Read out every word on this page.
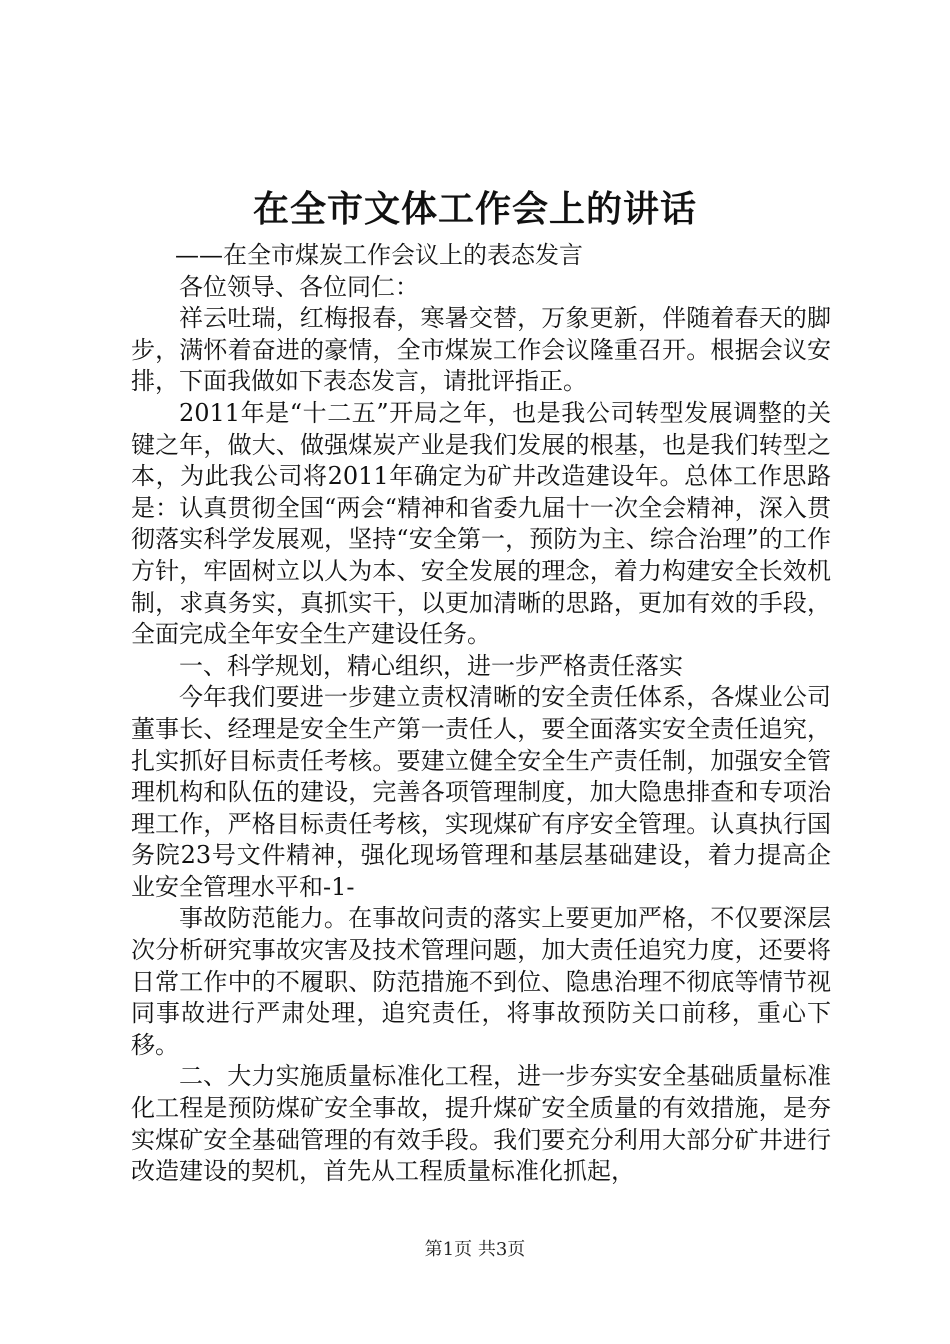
在全市文体工作会上的讲话

——在全市煤炭工作会议上的表态发言

各位领导、各位同仁：

祥云吐瑞，红梅报春，寒暑交替，万象更新，伴随着春天的脚步，满怀着奋进的豪情，全市煤炭工作会议隆重召开。根据会议安排，下面我做如下表态发言，请批评指正。

2011年是“十二五”开局之年，也是我公司转型发展调整的关键之年，做大、做强煤炭产业是我们发展的根基，也是我们转型之本，为此我公司将2011年确定为矿井改造建设年。总体工作思路是：认真贯彻全国“两会“精神和省委九届十一次全会精神，深入贯彻落实科学发展观，坚持“安全第一，预防为主、综合治理”的工作方针，牢固树立以人为本、安全发展的理念，着力构建安全长效机制，求真务实，真抓实干，以更加清晰的思路，更加有效的手段，全面完成全年安全生产建设任务。

一、科学规划，精心组织，进一步严格责任落实

今年我们要进一步建立责权清晰的安全责任体系，各煤业公司董事长、经理是安全生产第一责任人，要全面落实安全责任追究，扎实抓好目标责任考核。要建立健全安全生产责任制，加强安全管理机构和队伍的建设，完善各项管理制度，加大隐患排查和专项治理工作，严格目标责任考核，实现煤矿有序安全管理。认真执行国务院23号文件精神，强化现场管理和基层基础建设，着力提高企业安全管理水平和-1-

事故防范能力。在事故问责的落实上要更加严格，不仅要深层次分析研究事故灾害及技术管理问题，加大责任追究力度，还要将日常工作中的不履职、防范措施不到位、隐患治理不彻底等情节视同事故进行严肃处理，追究责任，将事故预防关口前移，重心下移。

二、大力实施质量标准化工程，进一步夯实安全基础质量标准化工程是预防煤矿安全事故，提升煤矿安全质量的有效措施，是夯实煤矿安全基础管理的有效手段。我们要充分利用大部分矿井进行改造建设的契机，首先从工程质量标准化抓起，

第1页 共3页
